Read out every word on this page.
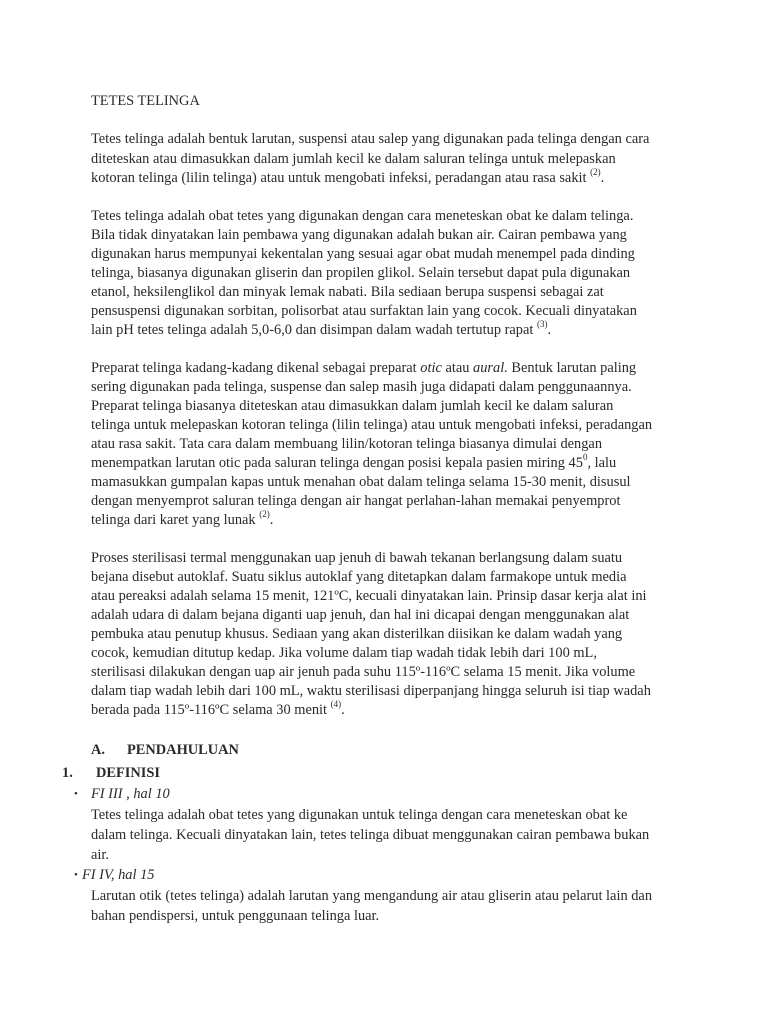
TETES TELINGA
Tetes telinga adalah bentuk larutan, suspensi atau salep yang digunakan pada telinga dengan cara
diteteskan atau dimasukkan dalam jumlah kecil ke dalam saluran telinga untuk melepaskan
kotoran telinga (lilin telinga) atau untuk mengobati infeksi, peradangan atau rasa sakit $^{(2)}$.
Tetes telinga adalah obat tetes yang digunakan dengan cara meneteskan obat ke dalam telinga.
Bila tidak dinyatakan lain pembawa yang digunakan adalah bukan air. Cairan pembawa yang
digunakan harus mempunyai kekentalan yang sesuai agar obat mudah menempel pada dinding
telinga, biasanya digunakan gliserin dan propilen glikol. Selain tersebut dapat pula digunakan
etanol, heksilenglikol dan minyak lemak nabati. Bila sediaan berupa suspensi sebagai zat
pensuspensi digunakan sorbitan, polisorbat atau surfaktan lain yang cocok. Kecuali dinyatakan
lain pH tetes telinga adalah 5,0-6,0 dan disimpan dalam wadah tertutup rapat $^{(3)}$.
Preparat telinga kadang-kadang dikenal sebagai preparat otic atau aural. Bentuk larutan paling
sering digunakan pada telinga, suspense dan salep masih juga didapati dalam penggunaannya.
Preparat telinga biasanya diteteskan atau dimasukkan dalam jumlah kecil ke dalam saluran
telinga untuk melepaskan kotoran telinga (lilin telinga) atau untuk mengobati infeksi, peradangan
atau rasa sakit. Tata cara dalam membuang lilin/kotoran telinga biasanya dimulai dengan
menempatkan larutan otic pada saluran telinga dengan posisi kepala pasien miring $45^0$, lalu
mamasukkan gumpalan kapas untuk menahan obat dalam telinga selama 15-30 menit, disusul
dengan menyemprot saluran telinga dengan air hangat perlahan-lahan memakai penyemprot
telinga dari karet yang lunak $^{(2)}$.
Proses sterilisasi termal menggunakan uap jenuh di bawah tekanan berlangsung dalam suatu
bejana disebut autoklaf. Suatu siklus autoklaf yang ditetapkan dalam farmakope untuk media
atau pereaksi adalah selama 15 menit, 121ºC, kecuali dinyatakan lain. Prinsip dasar kerja alat ini
adalah udara di dalam bejana diganti uap jenuh, dan hal ini dicapai dengan menggunakan alat
pembuka atau penutup khusus. Sediaan yang akan disterilkan diisikan ke dalam wadah yang
cocok, kemudian ditutup kedap. Jika volume dalam tiap wadah tidak lebih dari 100 mL,
sterilisasi dilakukan dengan uap air jenuh pada suhu 115º-116ºC selama 15 menit. Jika volume
dalam tiap wadah lebih dari 100 mL, waktu sterilisasi diperpanjang hingga seluruh isi tiap wadah
berada pada 115º-116ºC selama 30 menit $^{(4)}$.
A. PENDAHULUAN
1. DEFINISI
• FI III , hal 10
Tetes telinga adalah obat tetes yang digunakan untuk telinga dengan cara meneteskan obat ke
dalam telinga. Kecuali dinyatakan lain, tetes telinga dibuat menggunakan cairan pembawa bukan
air.
• FI IV, hal 15
Larutan otik (tetes telinga) adalah larutan yang mengandung air atau gliserin atau pelarut lain dan
bahan pendispersi, untuk penggunaan telinga luar.
